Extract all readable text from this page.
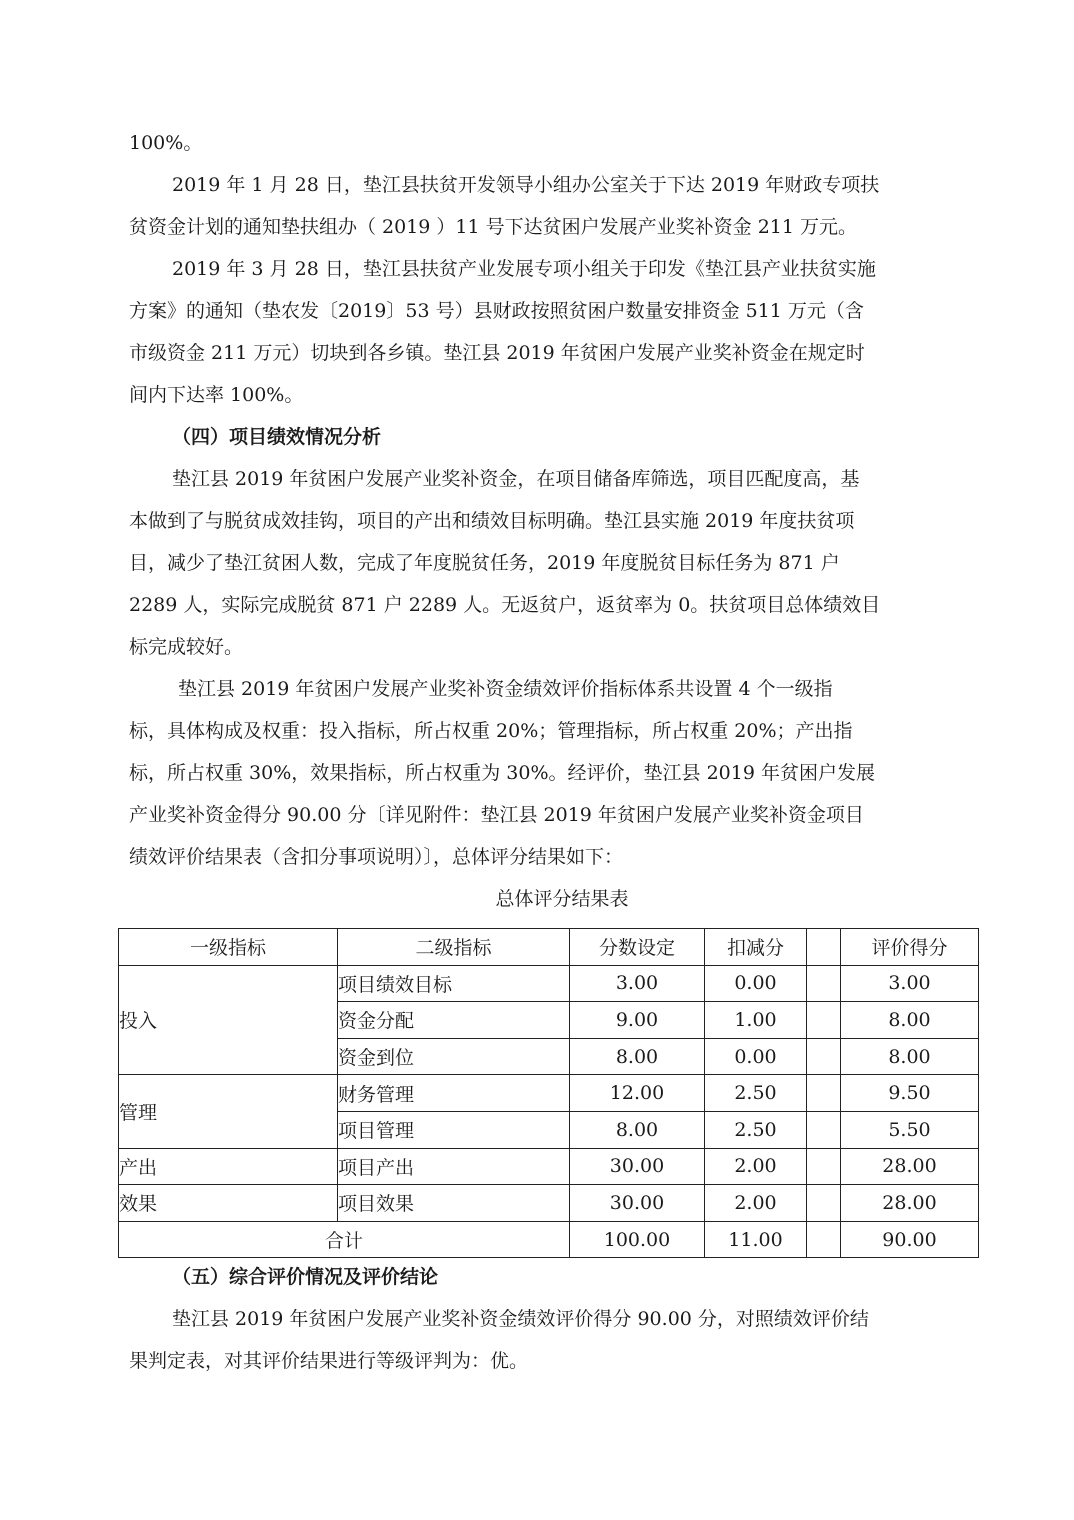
100%。
2019 年 1 月 28 日，垫江县扶贫开发领导小组办公室关于下达 2019 年财政专项扶
贫资金计划的通知垫扶组办（ 2019 ）11 号下达贫困户发展产业奖补资金 211 万元。
2019 年 3 月 28 日，垫江县扶贫产业发展专项小组关于印发《垫江县产业扶贫实施
方案》的通知（垫农发〔2019〕53 号）县财政按照贫困户数量安排资金 511 万元（含
市级资金 211 万元）切块到各乡镇。垫江县 2019 年贫困户发展产业奖补资金在规定时
间内下达率 100%。
（四）项目绩效情况分析
垫江县 2019 年贫困户发展产业奖补资金，在项目储备库筛选，项目匹配度高，基
本做到了与脱贫成效挂钩，项目的产出和绩效目标明确。垫江县实施 2019 年度扶贫项
目，减少了垫江贫困人数，完成了年度脱贫任务，2019 年度脱贫目标任务为 871 户
2289 人，实际完成脱贫 871 户 2289 人。无返贫户，返贫率为 0。扶贫项目总体绩效目
标完成较好。
垫江县 2019 年贫困户发展产业奖补资金绩效评价指标体系共设置 4 个一级指
标，具体构成及权重：投入指标，所占权重 20%；管理指标，所占权重 20%；产出指
标，所占权重 30%，效果指标，所占权重为 30%。经评价，垫江县 2019 年贫困户发展
产业奖补资金得分 90.00 分〔详见附件：垫江县 2019 年贫困户发展产业奖补资金项目
绩效评价结果表（含扣分事项说明）〕，总体评分结果如下：
（五）综合评价情况及评价结论
垫江县 2019 年贫困户发展产业奖补资金绩效评价得分 90.00 分，对照绩效评价结
果判定表，对其评价结果进行等级评判为：优。
总体评分结果表
一级指标	二级指标	分数设定	扣减分		评价得分
投入	项目绩效目标	3.00	0.00		3.00
	资金分配	9.00	1.00		8.00
	资金到位	8.00	0.00		8.00
管理	财务管理	12.00	2.50		9.50
	项目管理	8.00	2.50		5.50
产出	项目产出	30.00	2.00		28.00
效果	项目效果	30.00	2.00		28.00
合计		100.00	11.00		90.00
